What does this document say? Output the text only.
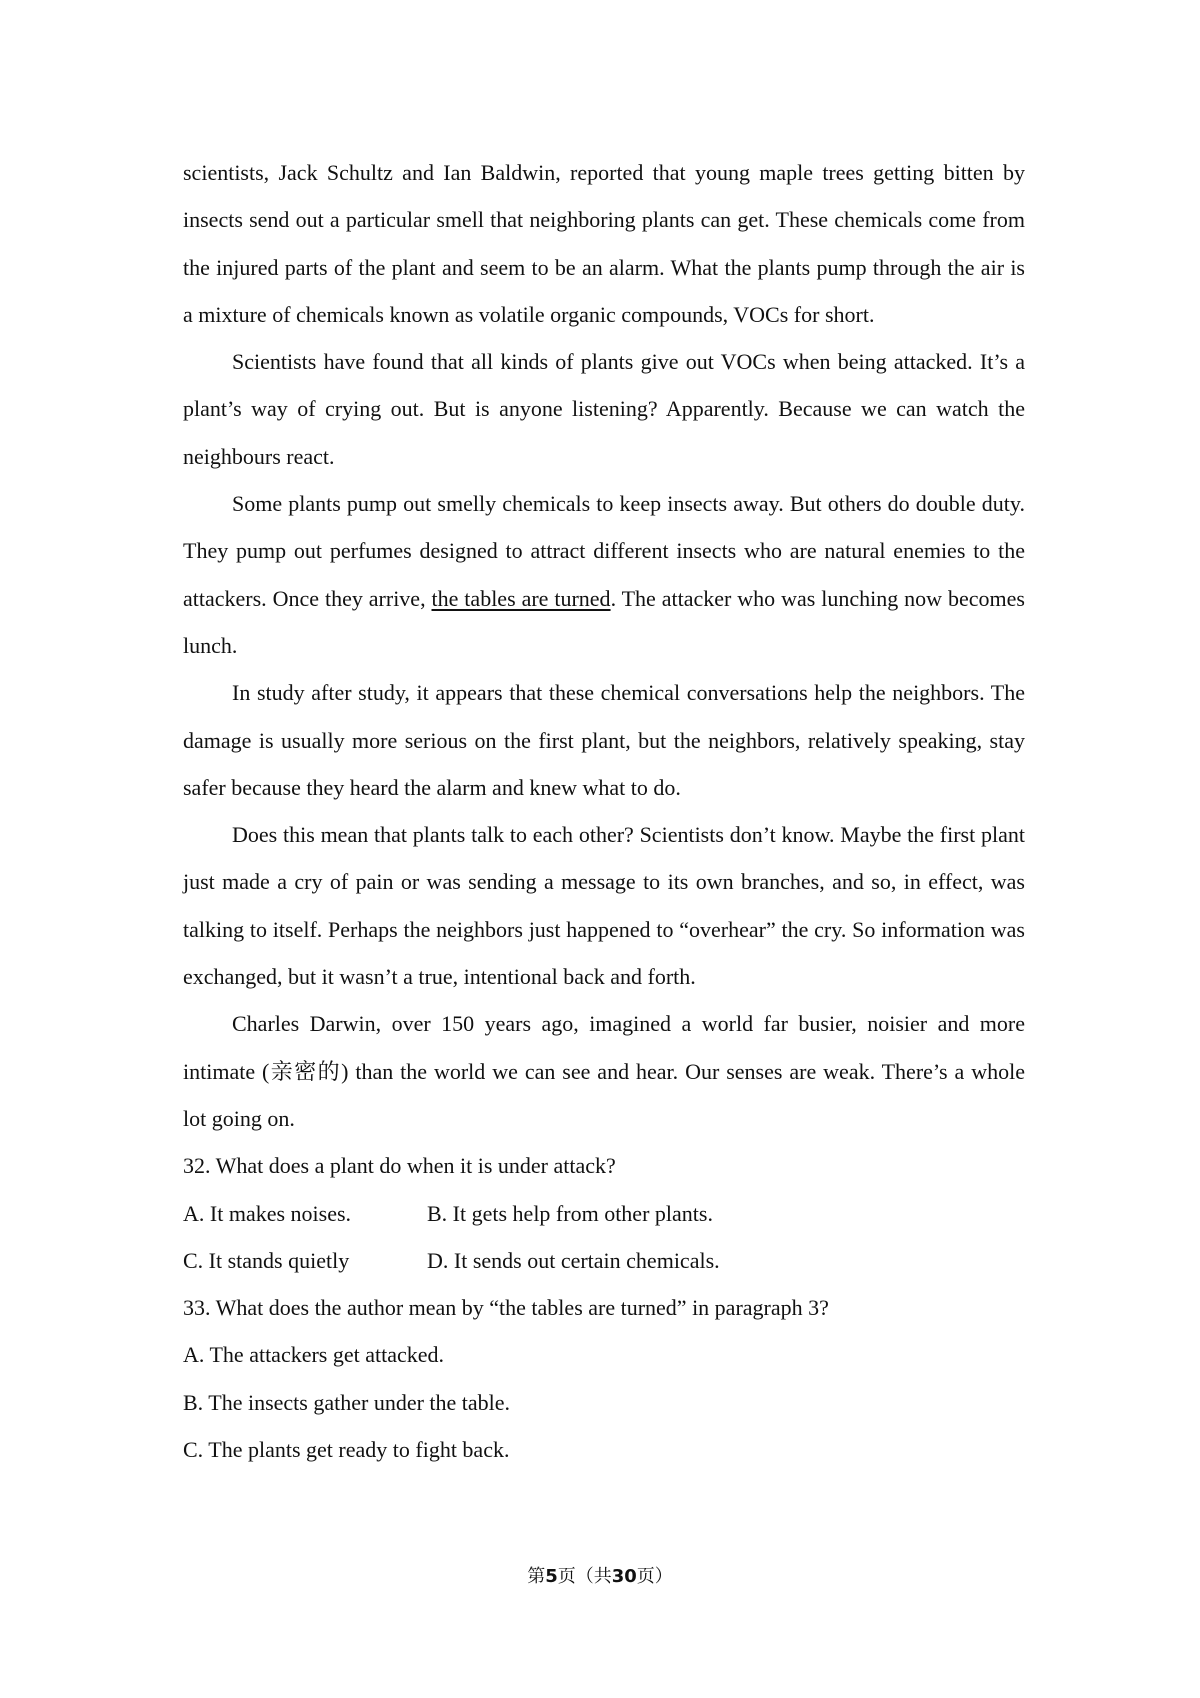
scientists, Jack Schultz and Ian Baldwin, reported that young maple trees getting bitten by insects send out a particular smell that neighboring plants can get. These chemicals come from the injured parts of the plant and seem to be an alarm. What the plants pump through the air is a mixture of chemicals known as volatile organic compounds, VOCs for short.

Scientists have found that all kinds of plants give out VOCs when being attacked. It’s a plant’s way of crying out. But is anyone listening? Apparently. Because we can watch the neighbours react.

Some plants pump out smelly chemicals to keep insects away. But others do double duty. They pump out perfumes designed to attract different insects who are natural enemies to the attackers. Once they arrive, the tables are turned. The attacker who was lunching now becomes lunch.

In study after study, it appears that these chemical conversations help the neighbors. The damage is usually more serious on the first plant, but the neighbors, relatively speaking, stay safer because they heard the alarm and knew what to do.

Does this mean that plants talk to each other? Scientists don’t know. Maybe the first plant just made a cry of pain or was sending a message to its own branches, and so, in effect, was talking to itself. Perhaps the neighbors just happened to “overhear” the cry. So information was exchanged, but it wasn’t a true, intentional back and forth.

Charles Darwin, over 150 years ago, imagined a world far busier, noisier and more intimate (亲密的) than the world we can see and hear. Our senses are weak. There’s a whole lot going on.

32. What does a plant do when it is under attack?

A. It makes noises.	B. It gets help from other plants.

C. It stands quietly	D. It sends out certain chemicals.

33. What does the author mean by “the tables are turned” in paragraph 3?

A. The attackers get attacked.

B. The insects gather under the table.

C. The plants get ready to fight back.

第5页（共30页）
